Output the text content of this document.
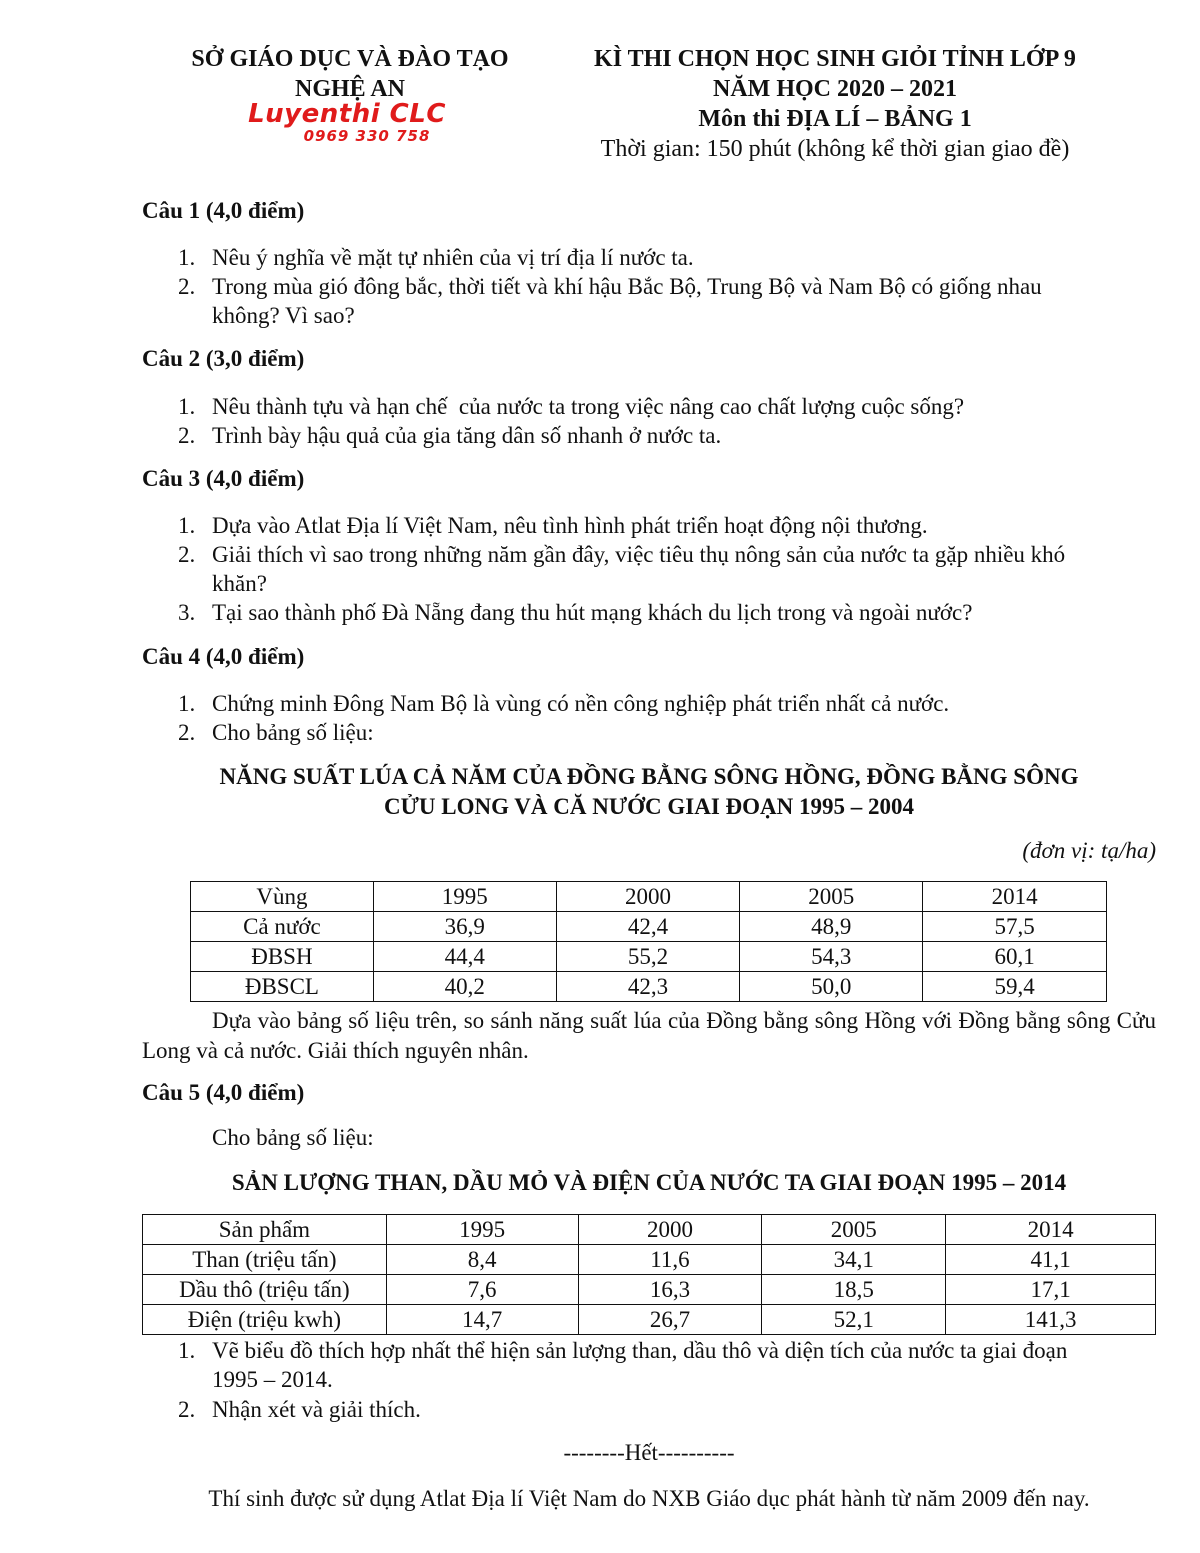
SỞ GIÁO DỤC VÀ ĐÀO TẠO
NGHỆ AN
Luyenthi CLC
0969 330 758
KÌ THI CHỌN HỌC SINH GIỎI TỈNH LỚP 9
NĂM HỌC 2020 – 2021
Môn thi ĐỊA LÍ – BẢNG 1
Thời gian: 150 phút (không kể thời gian giao đề)
Câu 1 (4,0 điểm)
1. Nêu ý nghĩa về mặt tự nhiên của vị trí địa lí nước ta.
2. Trong mùa gió đông bắc, thời tiết và khí hậu Bắc Bộ, Trung Bộ và Nam Bộ có giống nhau
không? Vì sao?
Câu 2 (3,0 điểm)
1. Nêu thành tựu và hạn chế  của nước ta trong việc nâng cao chất lượng cuộc sống?
2. Trình bày hậu quả của gia tăng dân số nhanh ở nước ta.
Câu 3 (4,0 điểm)
1. Dựa vào Atlat Địa lí Việt Nam, nêu tình hình phát triển hoạt động nội thương.
2. Giải thích vì sao trong những năm gần đây, việc tiêu thụ nông sản của nước ta gặp nhiều khó
khăn?
3. Tại sao thành phố Đà Nẵng đang thu hút mạng khách du lịch trong và ngoài nước?
Câu 4 (4,0 điểm)
1. Chứng minh Đông Nam Bộ là vùng có nền công nghiệp phát triển nhất cả nước.
2. Cho bảng số liệu:
NĂNG SUẤT LÚA CẢ NĂM CỦA ĐỒNG BẰNG SÔNG HỒNG, ĐỒNG BẰNG SÔNG
CỬU LONG VÀ CĂ NƯỚC GIAI ĐOẠN 1995 – 2004
(đơn vị: tạ/ha)
Vùng	1995	2000	2005	2014
Cả nước	36,9	42,4	48,9	57,5
ĐBSH	44,4	55,2	54,3	60,1
ĐBSCL	40,2	42,3	50,0	59,4
Dựa vào bảng số liệu trên, so sánh năng suất lúa của Đồng bằng sông Hồng với Đồng bằng sông Cửu Long và cả nước. Giải thích nguyên nhân.
Câu 5 (4,0 điểm)
Cho bảng số liệu:
SẢN LƯỢNG THAN, DẦU MỎ VÀ ĐIỆN CỦA NƯỚC TA GIAI ĐOẠN 1995 – 2014
Sản phẩm	1995	2000	2005	2014
Than (triệu tấn)	8,4	11,6	34,1	41,1
Dầu thô (triệu tấn)	7,6	16,3	18,5	17,1
Điện (triệu kwh)	14,7	26,7	52,1	141,3
1. Vẽ biểu đồ thích hợp nhất thể hiện sản lượng than, dầu thô và diện tích của nước ta giai đoạn
1995 – 2014.
2. Nhận xét và giải thích.
--------Hết----------
Thí sinh được sử dụng Atlat Địa lí Việt Nam do NXB Giáo dục phát hành từ năm 2009 đến nay.
